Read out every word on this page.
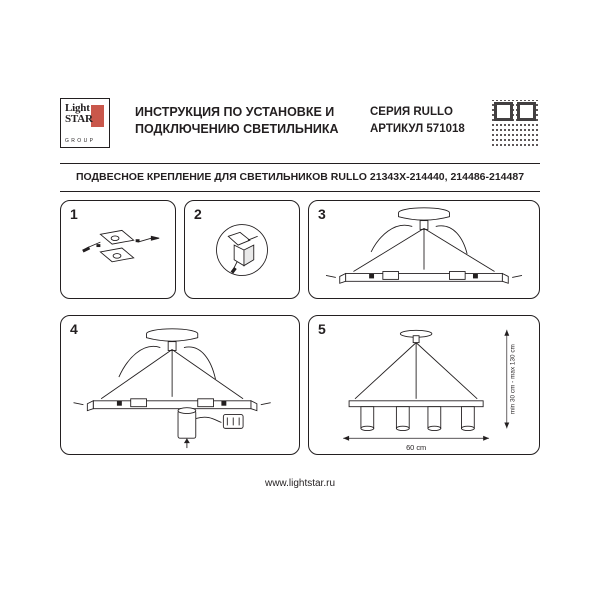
Light
STAR
GROUP
ИНСТРУКЦИЯ ПО УСТАНОВКЕ И ПОДКЛЮЧЕНИЮ СВЕТИЛЬНИКА
СЕРИЯ RULLO
АРТИКУЛ 571018
ПОДВЕСНОЕ КРЕПЛЕНИЕ ДЛЯ СВЕТИЛЬНИКОВ RULLO 21343X-214440, 214486-214487
1	2	3
4	5
60 cm
min 30 cm - max 130 cm
www.lightstar.ru
